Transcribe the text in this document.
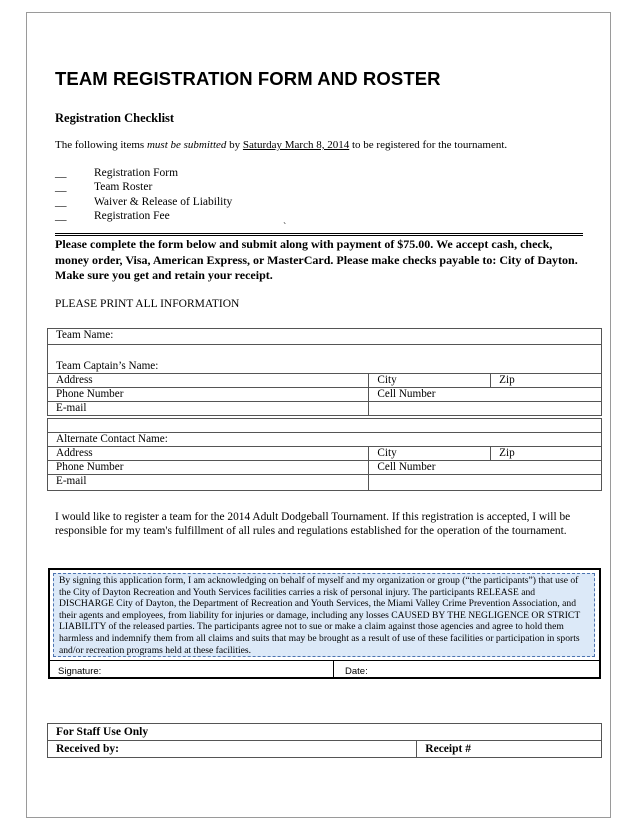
TEAM REGISTRATION FORM AND ROSTER
Registration Checklist
The following items must be submitted by Saturday March 8, 2014 to be registered for the tournament.
__	Registration Form
__	Team Roster
__	Waiver & Release of Liability
__	Registration Fee
`
Please complete the form below and submit along with payment of $75.00. We accept cash, check, money order, Visa, American Express, or MasterCard. Please make checks payable to: City of Dayton. Make sure you get and retain your receipt.
PLEASE PRINT ALL INFORMATION
Team Name:		
Team Captain’s Name:		
Address	City	Zip
Phone Number	Cell Number	
E-mail		

Alternate Contact Name:		
Address	City	Zip
Phone Number	Cell Number	
E-mail		
I would like to register a team for the 2014 Adult Dodgeball Tournament. If this registration is accepted, I will be responsible for my team's fulfillment of all rules and regulations established for the operation of the tournament.
By signing this application form, I am acknowledging on behalf of myself and my organization or group (“the participants”) that use of the City of Dayton Recreation and Youth Services facilities carries a risk of personal injury. The participants RELEASE and DISCHARGE City of Dayton, the Department of Recreation and Youth Services, the Miami Valley Crime Prevention Association, and their agents and employees, from liability for injuries or damage, including any losses CAUSED BY THE NEGLIGENCE OR STRICT LIABILITY of the released parties. The participants agree not to sue or make a claim against those agencies and agree to hold them harmless and indemnify them from all claims and suits that may be brought as a result of use of these facilities or participation in sports and/or recreation programs held at these facilities.
Signature:	Date:
For Staff Use Only
Received by:	Receipt #
